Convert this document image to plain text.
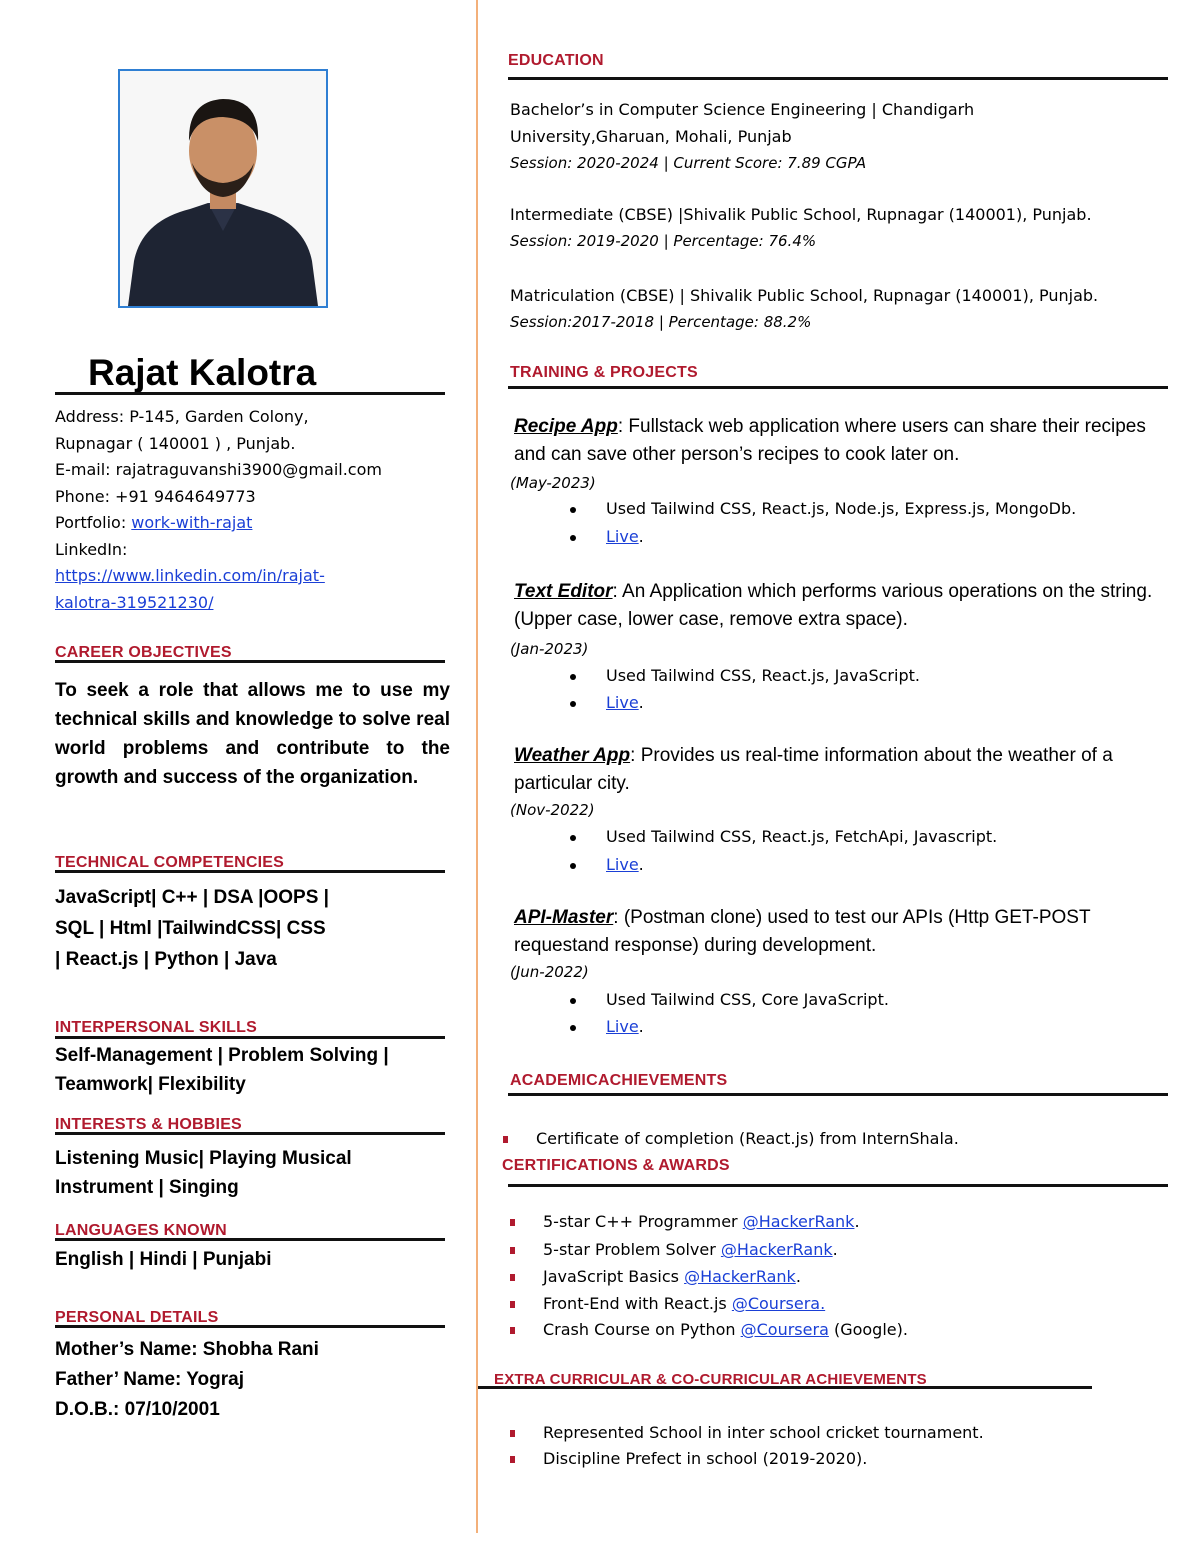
Rajat Kalotra
Address: P-145, Garden Colony,
Rupnagar ( 140001 ) , Punjab.
E-mail: rajatraguvanshi3900@gmail.com
Phone: +91 9464649773
Portfolio: work-with-rajat
LinkedIn:
https://www.linkedin.com/in/rajat-
kalotra-319521230/
CAREER OBJECTIVES
To seek a role that allows me to use my technical skills and knowledge to solve real world problems and contribute to the growth and success of the organization.
TECHNICAL COMPETENCIES
JavaScript| C++ | DSA |OOPS |
SQL | Html |TailwindCSS| CSS
| React.js | Python | Java
INTERPERSONAL SKILLS
Self-Management | Problem Solving |
Teamwork| Flexibility
INTERESTS & HOBBIES
Listening Music| Playing Musical
Instrument | Singing
LANGUAGES KNOWN
English | Hindi | Punjabi
PERSONAL DETAILS
Mother’s Name: Shobha Rani
Father’ Name: Yograj
D.O.B.: 07/10/2001
EDUCATION
Bachelor’s in Computer Science Engineering | Chandigarh
University,Gharuan, Mohali, Punjab
Session: 2020-2024 | Current Score: 7.89 CGPA
Intermediate (CBSE) |Shivalik Public School, Rupnagar (140001), Punjab.
Session: 2019-2020 | Percentage: 76.4%
Matriculation (CBSE) | Shivalik Public School, Rupnagar (140001), Punjab.
Session:2017-2018 | Percentage: 88.2%
TRAINING & PROJECTS
Recipe App: Fullstack web application where users can share their recipes and can save other person’s recipes to cook later on.
(May-2023)
Used Tailwind CSS, React.js, Node.js, Express.js, MongoDb.
Live.
Text Editor: An Application which performs various operations on the string. (Upper case, lower case, remove extra space).
(Jan-2023)
Used Tailwind CSS, React.js, JavaScript.
Live.
Weather App: Provides us real-time information about the weather of a particular city.
(Nov-2022)
Used Tailwind CSS, React.js, FetchApi, Javascript.
Live.
API-Master: (Postman clone) used to test our APIs (Http GET-POST requestand response) during development.
(Jun-2022)
Used Tailwind CSS, Core JavaScript.
Live.
ACADEMICACHIEVEMENTS
Certificate of completion (React.js) from InternShala.
CERTIFICATIONS & AWARDS
5-star C++ Programmer @HackerRank.
5-star Problem Solver @HackerRank.
JavaScript Basics @HackerRank.
Front-End with React.js @Coursera.
Crash Course on Python @Coursera (Google).
EXTRA CURRICULAR & CO-CURRICULAR ACHIEVEMENTS
Represented School in inter school cricket tournament.
Discipline Prefect in school (2019-2020).
